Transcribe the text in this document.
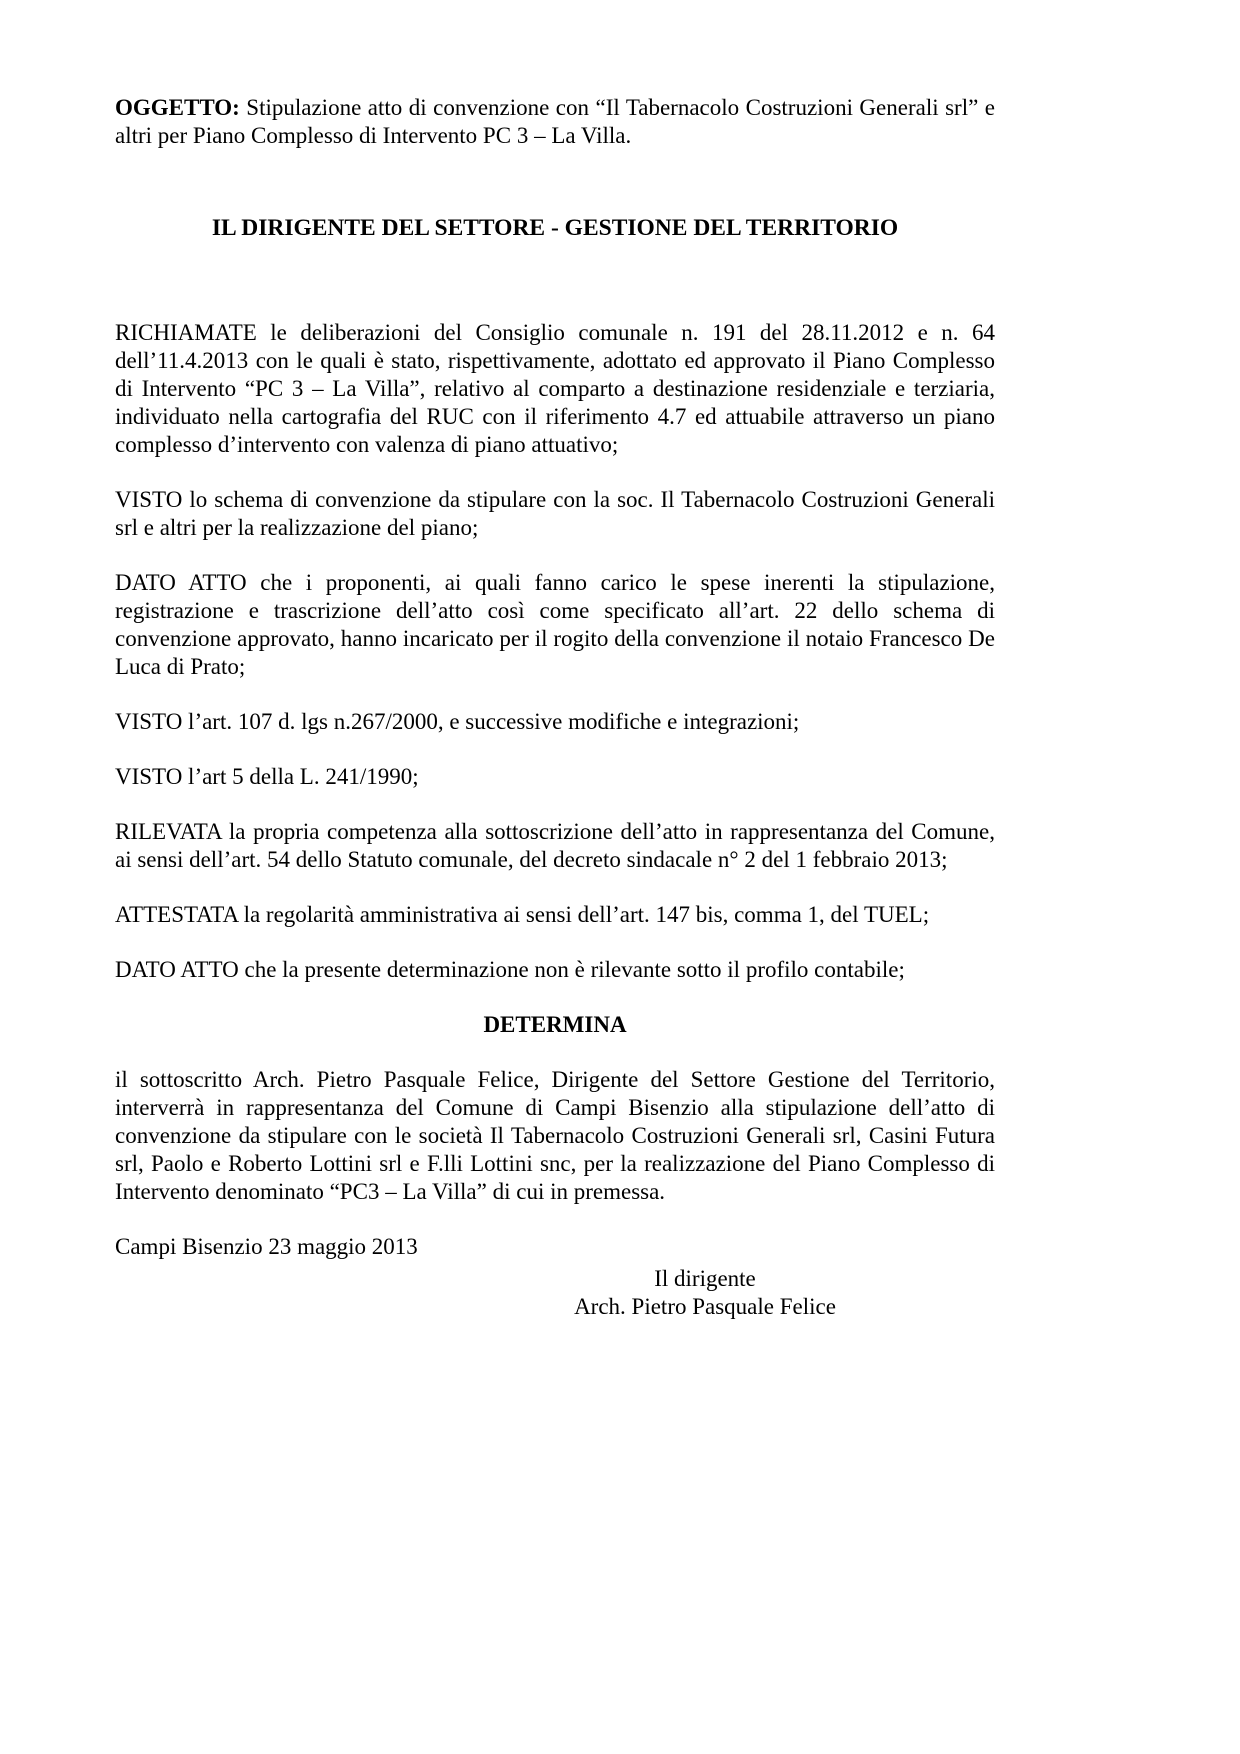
OGGETTO: Stipulazione atto di convenzione con “Il Tabernacolo Costruzioni Generali srl” e altri per Piano Complesso di Intervento PC 3 – La Villa.

IL DIRIGENTE DEL SETTORE - GESTIONE DEL TERRITORIO

RICHIAMATE le deliberazioni del Consiglio comunale n. 191 del 28.11.2012 e n. 64 dell’11.4.2013 con le quali è stato, rispettivamente, adottato ed approvato il Piano Complesso di Intervento “PC 3 – La Villa”, relativo al comparto a destinazione residenziale e terziaria, individuato nella cartografia del RUC con il riferimento 4.7 ed attuabile attraverso un piano complesso d’intervento con valenza di piano attuativo;

VISTO lo schema di convenzione da stipulare con la soc. Il Tabernacolo Costruzioni Generali srl e altri per la realizzazione del piano;

DATO ATTO che i proponenti, ai quali fanno carico le spese inerenti la stipulazione, registrazione e trascrizione dell’atto così come specificato all’art. 22 dello schema di convenzione approvato, hanno incaricato per il rogito della convenzione il notaio Francesco De Luca di Prato;

VISTO l’art. 107 d. lgs n.267/2000, e successive modifiche e integrazioni;

VISTO l’art 5 della L. 241/1990;

RILEVATA la propria competenza alla sottoscrizione dell’atto in rappresentanza del Comune, ai sensi dell’art. 54 dello Statuto comunale, del decreto sindacale n° 2 del 1 febbraio 2013;

ATTESTATA la regolarità amministrativa ai sensi dell’art. 147 bis, comma 1, del TUEL;

DATO ATTO che la presente determinazione non è rilevante sotto il profilo contabile;

DETERMINA

il sottoscritto Arch. Pietro Pasquale Felice, Dirigente del Settore Gestione del Territorio, interverrà in rappresentanza del Comune di Campi Bisenzio alla stipulazione dell’atto di convenzione da stipulare con le società Il Tabernacolo Costruzioni Generali srl, Casini Futura srl, Paolo e Roberto Lottini srl e F.lli Lottini snc, per la realizzazione del Piano Complesso di Intervento denominato “PC3 – La Villa” di cui in premessa.

Campi Bisenzio 23 maggio 2013

Il dirigente
Arch. Pietro Pasquale Felice
